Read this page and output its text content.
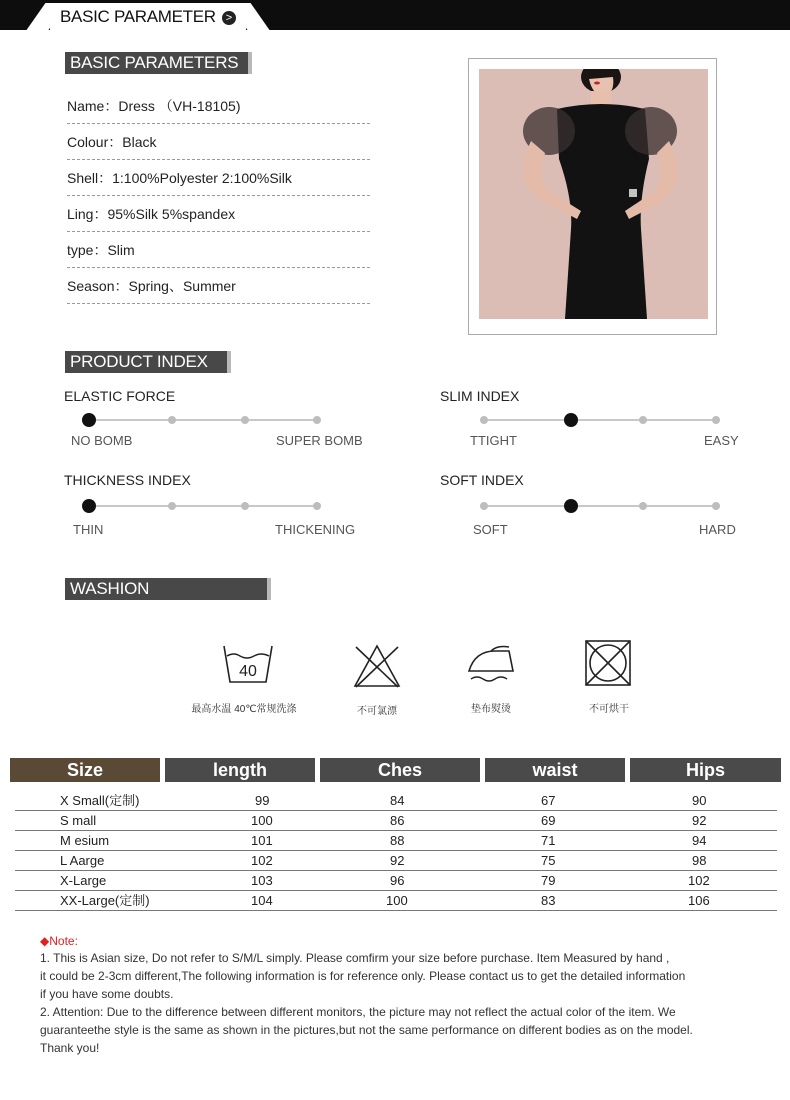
BASIC PARAMETER >
BASIC PARAMETERS
Name：Dress （VH-18105)
Colour：Black
Shell：1:100%Polyester 2:100%Silk
Ling：95%Silk 5%spandex
type：Slim
Season：Spring、Summer
PRODUCT INDEX
ELASTIC FORCE
NO BOMB	SUPER BOMB
SLIM INDEX
TTIGHT	EASY
THICKNESS INDEX
THIN	THICKENING
SOFT INDEX
SOFT	HARD
WASHION INSTUCTIONS
40
最高水温 40℃常规洗涤	不可氯漂	垫布熨烫	不可烘干
Size	length	Ches	waist	Hips
X Small(定制)	99	84	67	90
S mall	100	86	69	92
M esium	101	88	71	94
L Aarge	102	92	75	98
X-Large	103	96	79	102
XX-Large(定制)	104	100	83	106
◆Note:
1. This is Asian size, Do not refer to S/M/L simply. Please comfirm your size before purchase. Item Measured by hand ,
it could be 2-3cm different,The following information is for reference only. Please contact us to get the detailed information
if you have some doubts.
2. Attention: Due to the difference between different monitors, the picture may not reflect the actual color of the item. We
guaranteethe style is the same as shown in the pictures,but not the same performance on different bodies as on the model.
Thank you!
